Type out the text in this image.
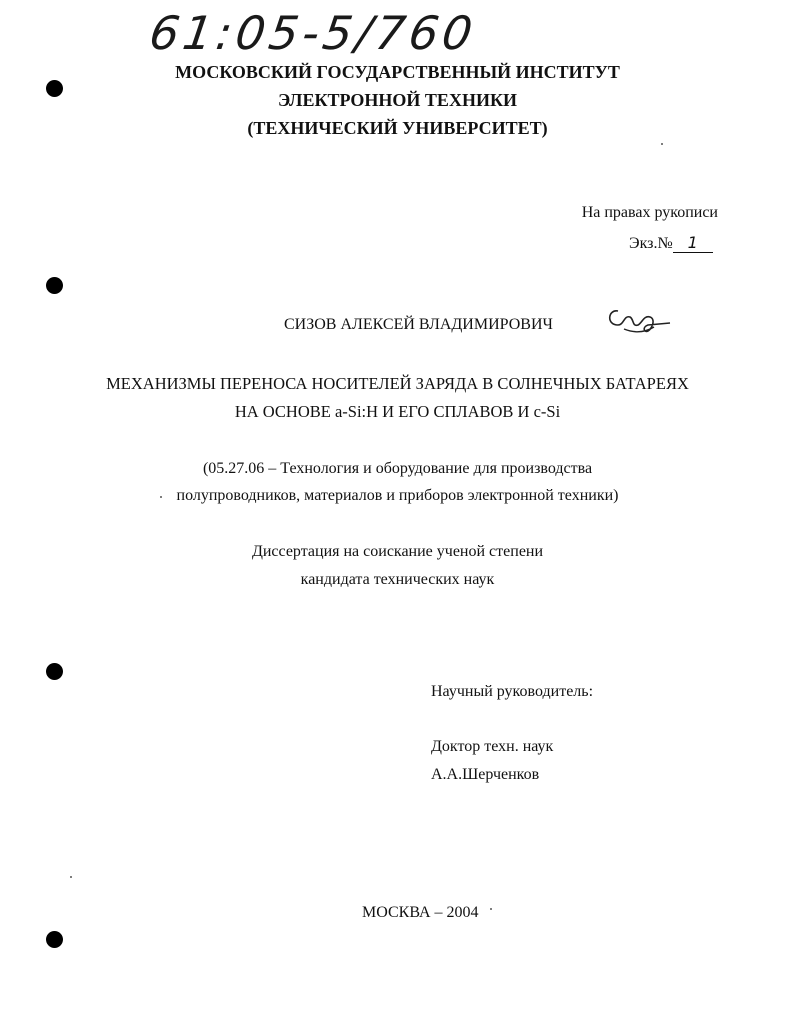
61:05-5/760
МОСКОВСКИЙ ГОСУДАРСТВЕННЫЙ ИНСТИТУТ
ЭЛЕКТРОННОЙ ТЕХНИКИ
(ТЕХНИЧЕСКИЙ УНИВЕРСИТЕТ)
На правах рукописи
Экз.№ 1
СИЗОВ АЛЕКСЕЙ ВЛАДИМИРОВИЧ
МЕХАНИЗМЫ ПЕРЕНОСА НОСИТЕЛЕЙ ЗАРЯДА В СОЛНЕЧНЫХ БАТАРЕЯХ
НА ОСНОВЕ a-Si:H И ЕГО СПЛАВОВ И c-Si
(05.27.06 – Технология и оборудование для производства
полупроводников, материалов и приборов электронной техники)
Диссертация на соискание ученой степени
кандидата технических наук
Научный руководитель:
Доктор техн. наук
А.А.Шерченков
МОСКВА – 2004
